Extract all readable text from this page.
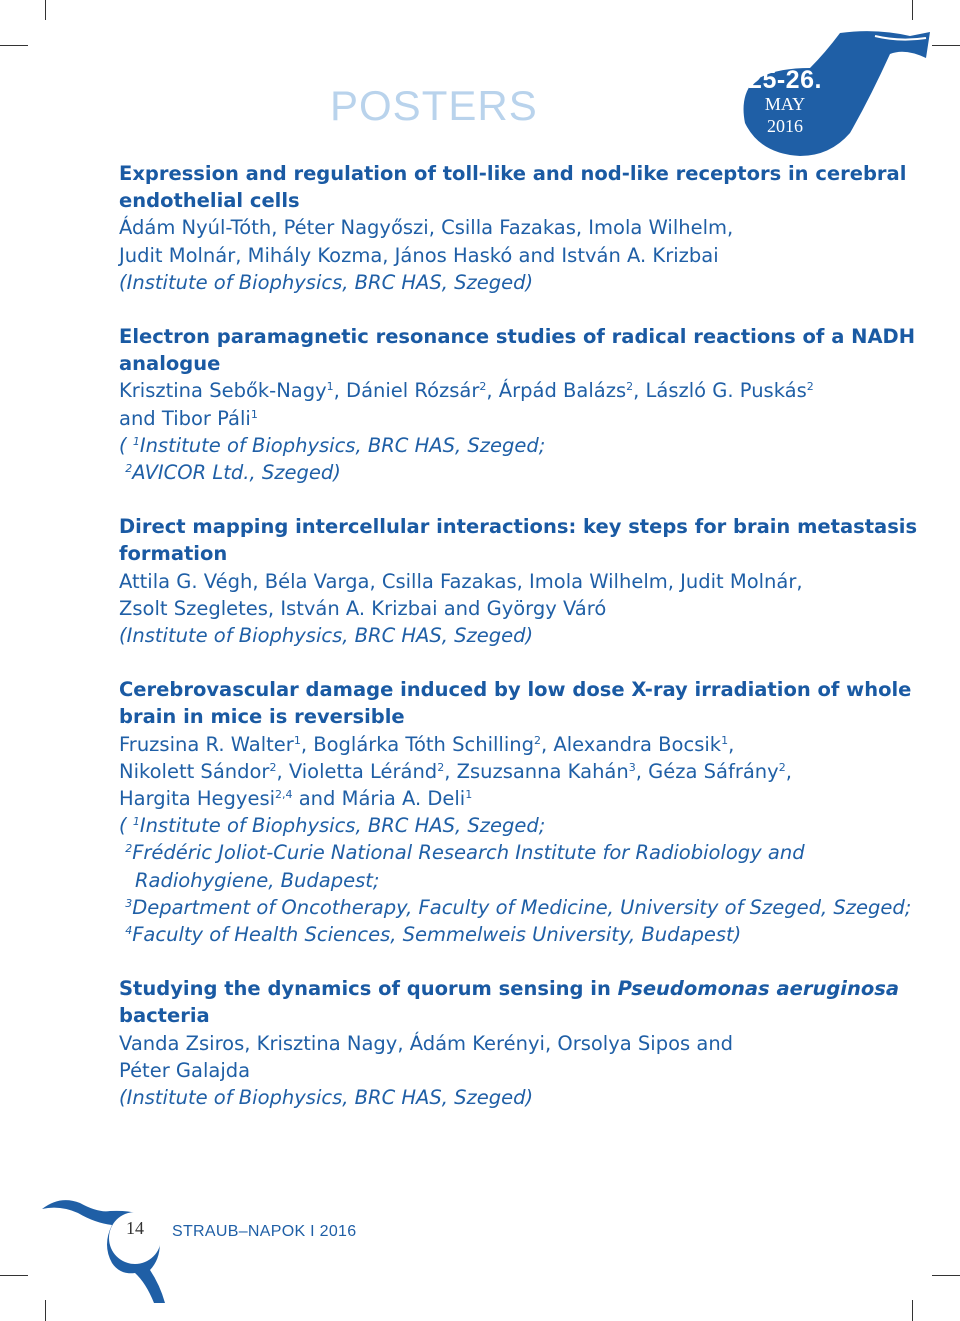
POSTERS
25-26.
MAY
2016
Expression and regulation of toll-like and nod-like receptors in cerebral
endothelial cells
Ádám Nyúl-Tóth, Péter Nagyőszi, Csilla Fazakas, Imola Wilhelm,
Judit Molnár, Mihály Kozma, János Haskó and István A. Krizbai
(Institute of Biophysics, BRC HAS, Szeged)
Electron paramagnetic resonance studies of radical reactions of a NADH
analogue
Krisztina Sebők-Nagy$^1$, Dániel Rózsár$^2$, Árpád Balázs$^2$, László G. Puskás$^2$
and Tibor Páli$^1$
( $^1$Institute of Biophysics, BRC HAS, Szeged;
$^2$AVICOR Ltd., Szeged)
Direct mapping intercellular interactions: key steps for brain metastasis
formation
Attila G. Végh, Béla Varga, Csilla Fazakas, Imola Wilhelm, Judit Molnár,
Zsolt Szegletes, István A. Krizbai and György Váró
(Institute of Biophysics, BRC HAS, Szeged)
Cerebrovascular damage induced by low dose X-ray irradiation of whole
brain in mice is reversible
Fruzsina R. Walter$^1$, Boglárka Tóth Schilling$^2$, Alexandra Bocsik$^1$,
Nikolett Sándor$^2$, Violetta Léránd$^2$, Zsuzsanna Kahán$^3$, Géza Sáfrány$^2$,
Hargita Hegyesi$^{2,4}$ and Mária A. Deli$^1$
( $^1$Institute of Biophysics, BRC HAS, Szeged;
$^2$Frédéric Joliot-Curie National Research Institute for Radiobiology and
Radiohygiene, Budapest;
$^3$Department of Oncotherapy, Faculty of Medicine, University of Szeged, Szeged;
$^4$Faculty of Health Sciences, Semmelweis University, Budapest)
Studying the dynamics of quorum sensing in Pseudomonas aeruginosa
bacteria
Vanda Zsiros, Krisztina Nagy, Ádám Kerényi, Orsolya Sipos and
Péter Galajda
(Institute of Biophysics, BRC HAS, Szeged)
14	STRAUB–NAPOK I 2016
